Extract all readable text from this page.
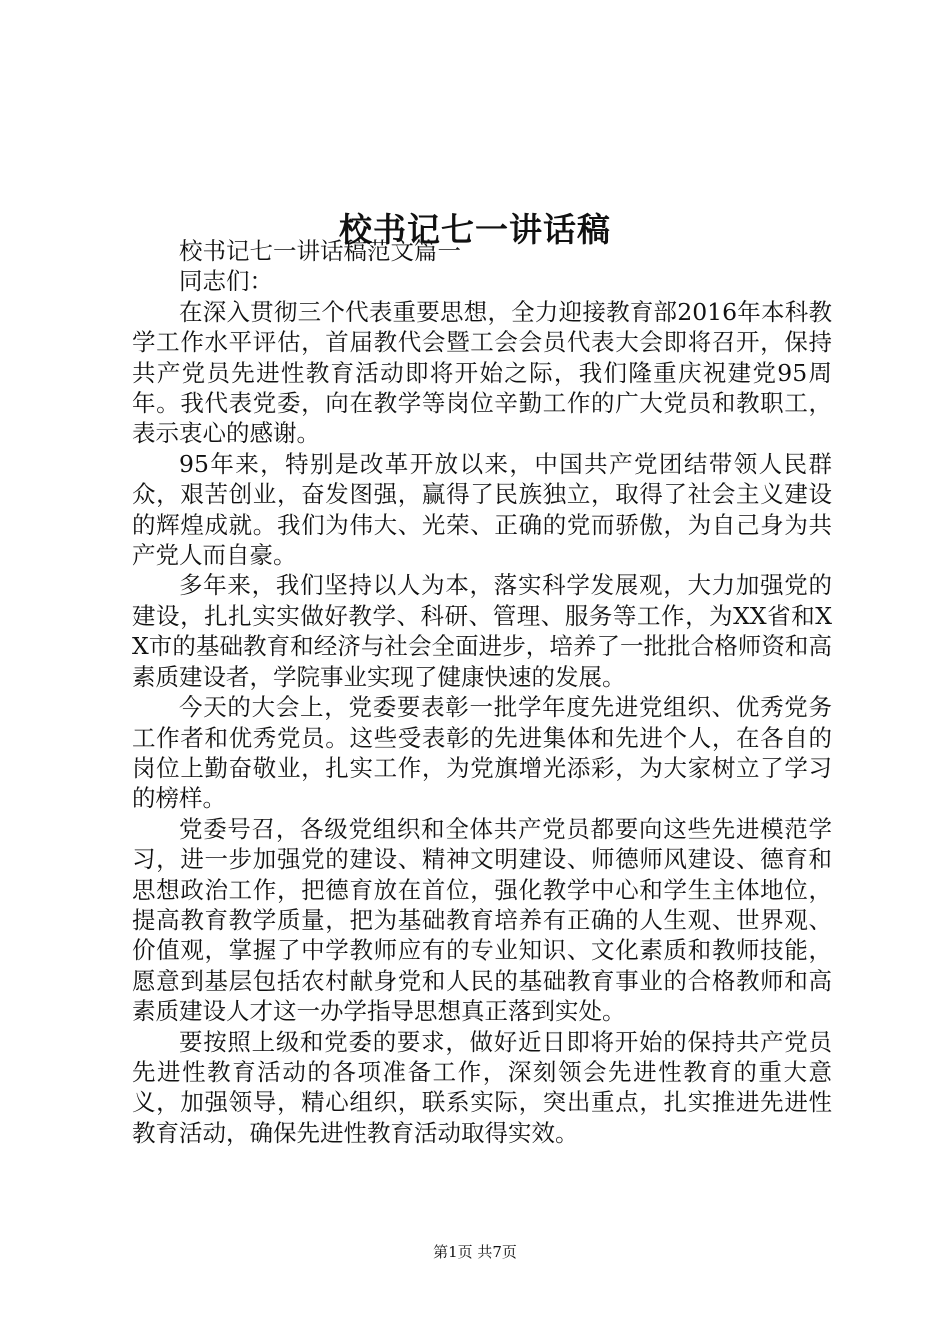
校书记七一讲话稿

校书记七一讲话稿范文篇一

同志们：

在深入贯彻三个代表重要思想，全力迎接教育部2016年本科教学工作水平评估，首届教代会暨工会会员代表大会即将召开，保持共产党员先进性教育活动即将开始之际，我们隆重庆祝建党95周年。我代表党委，向在教学等岗位辛勤工作的广大党员和教职工，表示衷心的感谢。

95年来，特别是改革开放以来，中国共产党团结带领人民群众，艰苦创业，奋发图强，赢得了民族独立，取得了社会主义建设的辉煌成就。我们为伟大、光荣、正确的党而骄傲，为自己身为共产党人而自豪。

多年来，我们坚持以人为本，落实科学发展观，大力加强党的建设，扎扎实实做好教学、科研、管理、服务等工作，为XX省和XX市的基础教育和经济与社会全面进步，培养了一批批合格师资和高素质建设者，学院事业实现了健康快速的发展。

今天的大会上，党委要表彰一批学年度先进党组织、优秀党务工作者和优秀党员。这些受表彰的先进集体和先进个人，在各自的岗位上勤奋敬业，扎实工作，为党旗增光添彩，为大家树立了学习的榜样。

党委号召，各级党组织和全体共产党员都要向这些先进模范学习，进一步加强党的建设、精神文明建设、师德师风建设、德育和思想政治工作，把德育放在首位，强化教学中心和学生主体地位，提高教育教学质量，把为基础教育培养有正确的人生观、世界观、价值观，掌握了中学教师应有的专业知识、文化素质和教师技能，愿意到基层包括农村献身党和人民的基础教育事业的合格教师和高素质建设人才这一办学指导思想真正落到实处。

要按照上级和党委的要求，做好近日即将开始的保持共产党员先进性教育活动的各项准备工作，深刻领会先进性教育的重大意义，加强领导，精心组织，联系实际，突出重点，扎实推进先进性教育活动，确保先进性教育活动取得实效。

第1页 共7页
